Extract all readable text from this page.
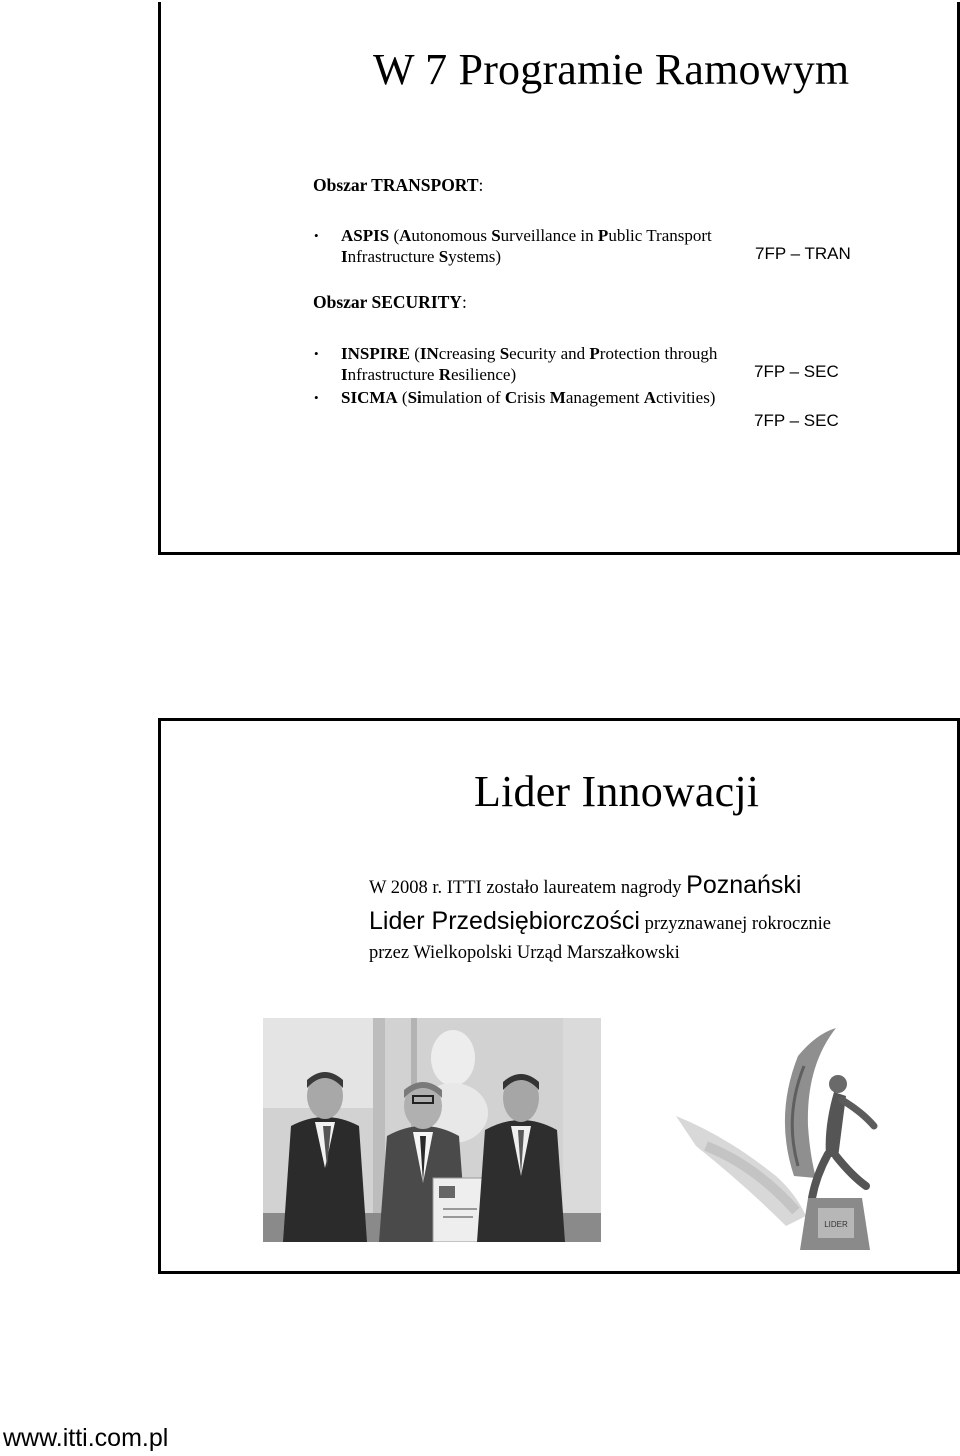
W 7 Programie Ramowym
Obszar TRANSPORT:
• ASPIS (Autonomous Surveillance in Public Transport
Infrastructure Systems)	7FP – TRAN
Obszar SECURITY:
• INSPIRE (INcreasing Security and Protection through
Infrastructure Resilience)	7FP – SEC
• SICMA (Simulation of Crisis Management Activities)
7FP – SEC
Lider Innowacji
W 2008 r. ITTI zostało laureatem nagrody Poznański
Lider Przedsiębiorczości przyznawanej rokrocznie
przez Wielkopolski Urząd Marszałkowski
LIDER
www.itti.com.pl
